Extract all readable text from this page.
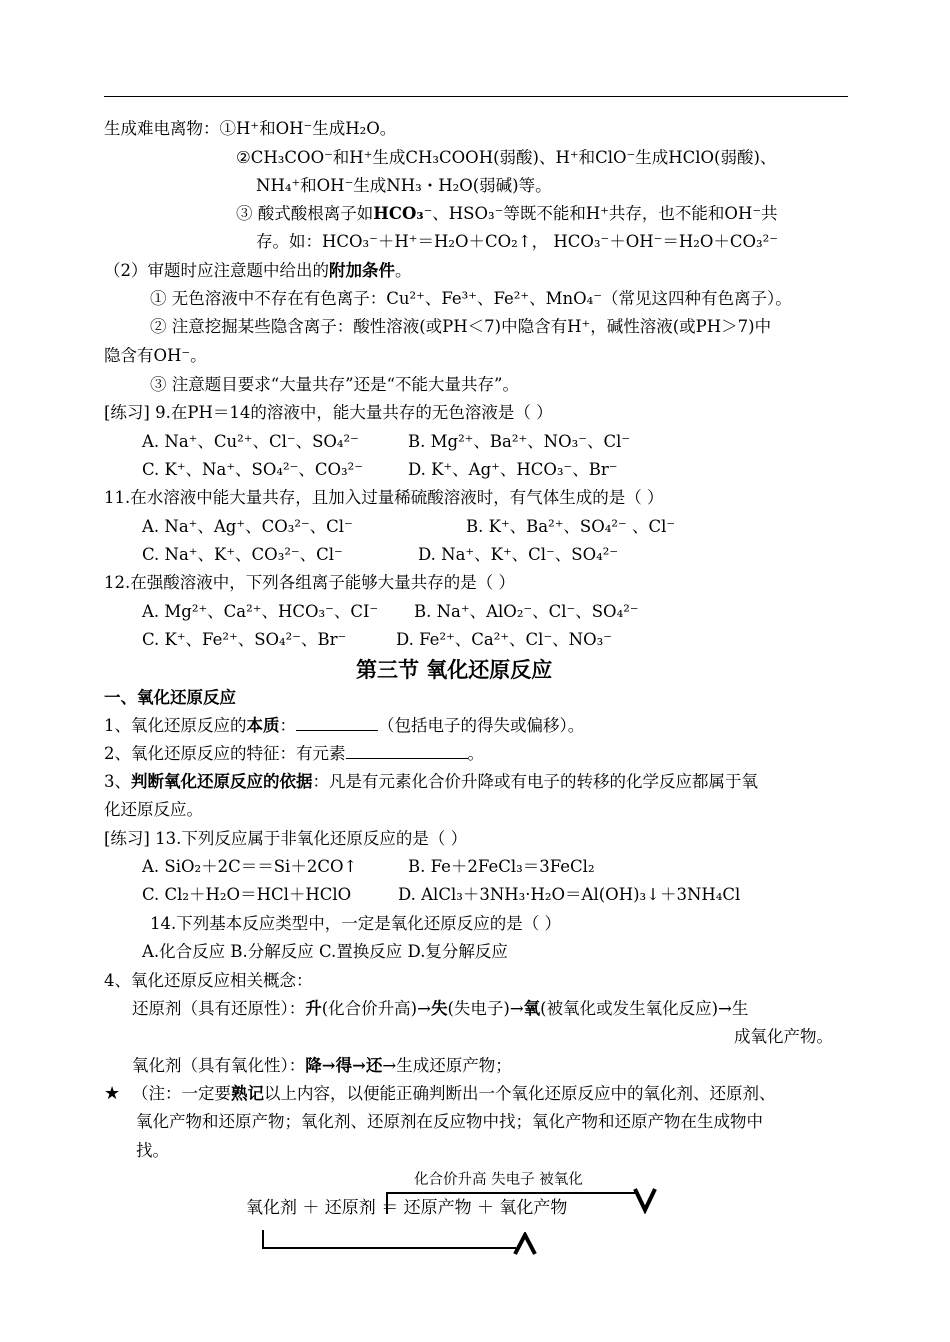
生成难电离物：①H⁺和OH⁻生成H₂O。
②CH₃COO⁻和H⁺生成CH₃COOH(弱酸)、H⁺和ClO⁻生成HClO(弱酸)、
NH₄⁺和OH⁻生成NH₃・H₂O(弱碱)等。
③ 酸式酸根离子如HCO₃⁻、HSO₃⁻等既不能和H⁺共存，也不能和OH⁻共
存。如：HCO₃⁻＋H⁺＝H₂O＋CO₂↑， HCO₃⁻＋OH⁻＝H₂O＋CO₃²⁻
（2）审题时应注意题中给出的附加条件。
① 无色溶液中不存在有色离子：Cu²⁺、Fe³⁺、Fe²⁺、MnO₄⁻（常见这四种有色离子）。
② 注意挖掘某些隐含离子：酸性溶液(或PH＜7)中隐含有H⁺，碱性溶液(或PH＞7)中
隐含有OH⁻。
③ 注意题目要求“大量共存”还是“不能大量共存”。
[练习] 9.在PH＝14的溶液中，能大量共存的无色溶液是（ ）
A. Na⁺、Cu²⁺、Cl⁻、SO₄²⁻	B. Mg²⁺、Ba²⁺、NO₃⁻、Cl⁻
C. K⁺、Na⁺、SO₄²⁻、CO₃²⁻	D. K⁺、Ag⁺、HCO₃⁻、Br⁻
11.在水溶液中能大量共存，且加入过量稀硫酸溶液时，有气体生成的是（ ）
A. Na⁺、Ag⁺、CO₃²⁻、Cl⁻	B. K⁺、Ba²⁺、SO₄²⁻ 、Cl⁻
C. Na⁺、K⁺、CO₃²⁻、Cl⁻	D. Na⁺、K⁺、Cl⁻、SO₄²⁻
12.在强酸溶液中，下列各组离子能够大量共存的是（ ）
A. Mg²⁺、Ca²⁺、HCO₃⁻、CI⁻ B. Na⁺、AlO₂⁻、Cl⁻、SO₄²⁻
C. K⁺、Fe²⁺、SO₄²⁻、Br⁻	D. Fe²⁺、Ca²⁺、Cl⁻、NO₃⁻
第三节 氧化还原反应
一、氧化还原反应
1、氧化还原反应的本质：	（包括电子的得失或偏移）。
2、氧化还原反应的特征：有元素	。
3、判断氧化还原反应的依据：凡是有元素化合价升降或有电子的转移的化学反应都属于氧
化还原反应。
[练习] 13.下列反应属于非氧化还原反应的是（ ）
A. SiO₂＋2C＝＝Si＋2CO↑	B. Fe＋2FeCl₃＝3FeCl₂
C. Cl₂＋H₂O＝HCl＋HClO	D. AlCl₃＋3NH₃·H₂O＝Al(OH)₃↓＋3NH₄Cl
14.下列基本反应类型中，一定是氧化还原反应的是（ ）
A.化合反应 B.分解反应 C.置换反应 D.复分解反应
4、氧化还原反应相关概念：
还原剂（具有还原性）：升(化合价升高)→失(失电子)→氧(被氧化或发生氧化反应)→生
成氧化产物。
氧化剂（具有氧化性）：降→得→还→生成还原产物；
★ （注：一定要熟记以上内容，以便能正确判断出一个氧化还原反应中的氧化剂、还原剂、
氧化产物和还原产物；氧化剂、还原剂在反应物中找；氧化产物和还原产物在生成物中
找。
化合价升高 失电子 被氧化
氧化剂 ＋ 还原剂 ＝ 还原产物 ＋ 氧化产物
